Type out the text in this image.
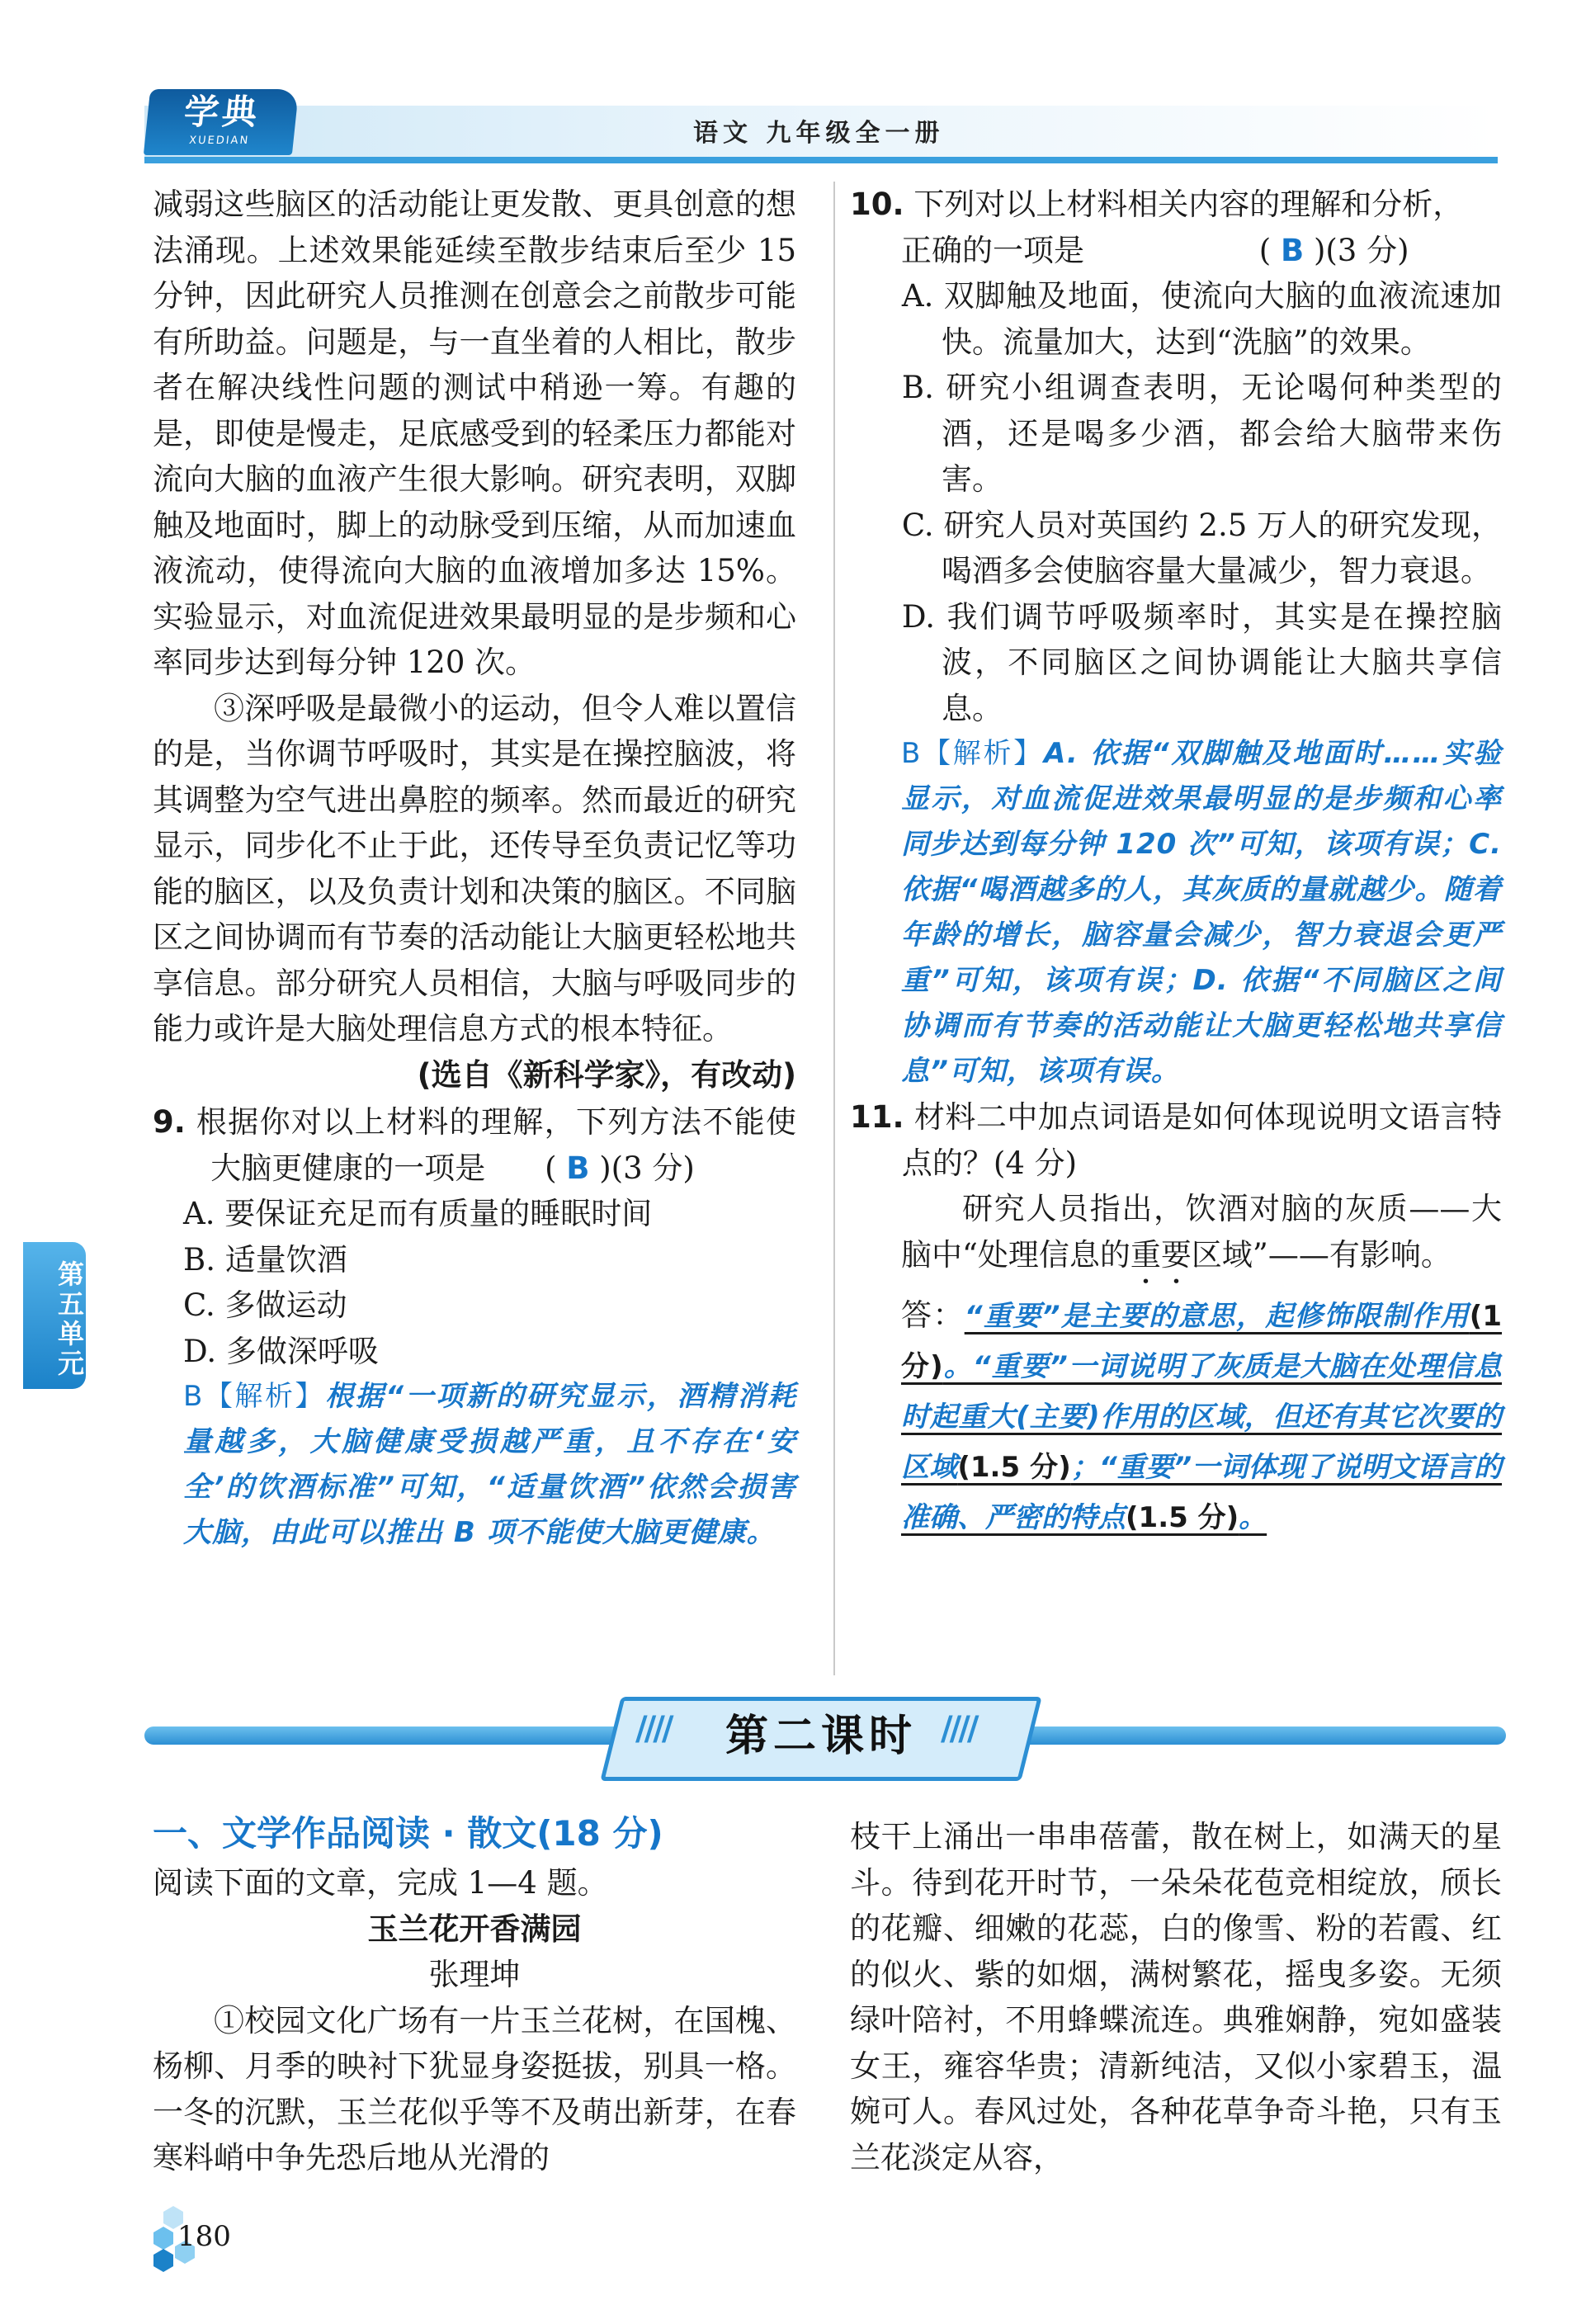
学典
XUEDIAN	语文 九年级全一册
第五单元

减弱这些脑区的活动能让更发散、更具创意的想法涌现。上述效果能延续至散步结束后至少 15 分钟，因此研究人员推测在创意会之前散步可能有所助益。问题是，与一直坐着的人相比，散步者在解决线性问题的测试中稍逊一筹。有趣的是，即使是慢走，足底感受到的轻柔压力都能对流向大脑的血液产生很大影响。研究表明，双脚触及地面时，脚上的动脉受到压缩，从而加速血液流动，使得流向大脑的血液增加多达 15%。实验显示，对血流促进效果最明显的是步频和心率同步达到每分钟 120 次。

③深呼吸是最微小的运动，但令人难以置信的是，当你调节呼吸时，其实是在操控脑波，将其调整为空气进出鼻腔的频率。然而最近的研究显示，同步化不止于此，还传导至负责记忆等功能的脑区，以及负责计划和决策的脑区。不同脑区之间协调而有节奏的活动能让大脑更轻松地共享信息。部分研究人员相信，大脑与呼吸同步的能力或许是大脑处理信息方式的根本特征。

(选自《新科学家》，有改动)

9. 根据你对以上材料的理解，下列方法不能使大脑更健康的一项是 ( B )(3 分)

A. 要保证充足而有质量的睡眠时间

B. 适量饮酒

C. 多做运动

D. 多做深呼吸

B【解析】根据“一项新的研究显示，酒精消耗量越多，大脑健康受损越严重，且不存在‘安全’的饮酒标准”可知，“适量饮酒”依然会损害大脑，由此可以推出 B 项不能使大脑更健康。

10. 下列对以上材料相关内容的理解和分析，

正确的一项是	( B )(3 分)

A. 双脚触及地面，使流向大脑的血液流速加快。流量加大，达到“洗脑”的效果。

B. 研究小组调查表明，无论喝何种类型的酒，还是喝多少酒，都会给大脑带来伤害。

C. 研究人员对英国约 2.5 万人的研究发现，喝酒多会使脑容量大量减少，智力衰退。

D. 我们调节呼吸频率时，其实是在操控脑波，不同脑区之间协调能让大脑共享信息。

B【解析】A. 依据“双脚触及地面时……实验显示，对血流促进效果最明显的是步频和心率同步达到每分钟 120 次”可知，该项有误；C. 依据“喝酒越多的人，其灰质的量就越少。随着年龄的增长，脑容量会减少，智力衰退会更严重”可知，该项有误；D. 依据“不同脑区之间协调而有节奏的活动能让大脑更轻松地共享信息”可知，该项有误。

11. 材料二中加点词语是如何体现说明文语言特点的？(4 分)

研究人员指出，饮酒对脑的灰质——大脑中“处理信息的重要区域”——有影响。

答：“重要”是主要的意思，起修饰限制作用(1 分)。“重要”一词说明了灰质是大脑在处理信息时起重大(主要)作用的区域，但还有其它次要的区域(1.5 分)；“重要”一词体现了说明文语言的准确、严密的特点(1.5 分)。

////	////
第二课时

一、文学作品阅读 · 散文(18 分)

阅读下面的文章，完成 1—4 题。

玉兰花开香满园

张理坤

①校园文化广场有一片玉兰花树，在国槐、杨柳、月季的映衬下犹显身姿挺拔，别具一格。一冬的沉默，玉兰花似乎等不及萌出新芽，在春寒料峭中争先恐后地从光滑的

枝干上涌出一串串蓓蕾，散在树上，如满天的星斗。待到花开时节，一朵朵花苞竞相绽放，颀长的花瓣、细嫩的花蕊，白的像雪、粉的若霞、红的似火、紫的如烟，满树繁花，摇曳多姿。无须绿叶陪衬，不用蜂蝶流连。典雅娴静，宛如盛装女王，雍容华贵；清新纯洁，又似小家碧玉，温婉可人。春风过处，各种花草争奇斗艳，只有玉兰花淡定从容，

180
